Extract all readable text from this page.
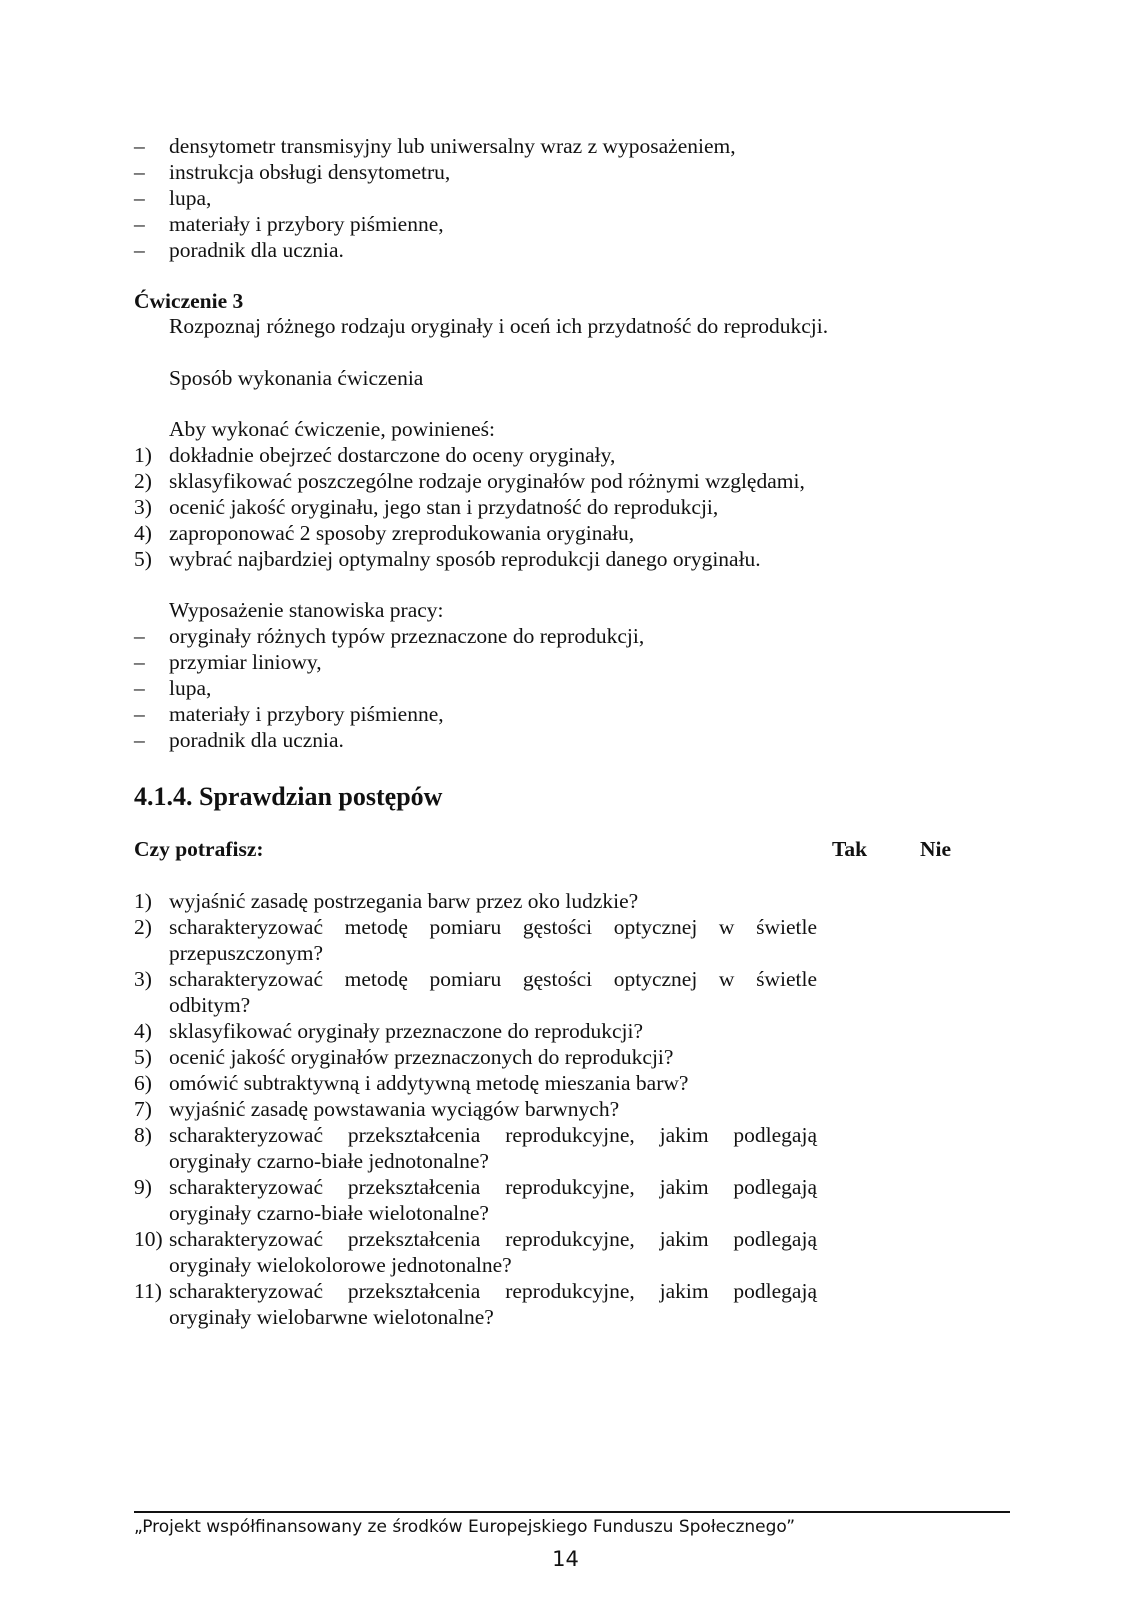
– densytometr transmisyjny lub uniwersalny wraz z wyposażeniem,
– instrukcja obsługi densytometru,
– lupa,
– materiały i przybory piśmienne,
– poradnik dla ucznia.
Ćwiczenie 3
Rozpoznaj różnego rodzaju oryginały i oceń ich przydatność do reprodukcji.
Sposób wykonania ćwiczenia
Aby wykonać ćwiczenie, powinieneś:
1) dokładnie obejrzeć dostarczone do oceny oryginały,
2) sklasyfikować poszczególne rodzaje oryginałów pod różnymi względami,
3) ocenić jakość oryginału, jego stan i przydatność do reprodukcji,
4) zaproponować 2 sposoby zreprodukowania oryginału,
5) wybrać najbardziej optymalny sposób reprodukcji danego oryginału.
Wyposażenie stanowiska pracy:
– oryginały różnych typów przeznaczone do reprodukcji,
– przymiar liniowy,
– lupa,
– materiały i przybory piśmienne,
– poradnik dla ucznia.
4.1.4. Sprawdzian postępów
Czy potrafisz:	Tak Nie
1) wyjaśnić zasadę postrzegania barw przez oko ludzkie?
2) scharakteryzować metodę pomiaru gęstości optycznej w świetle
przepuszczonym?
3) scharakteryzować metodę pomiaru gęstości optycznej w świetle
odbitym?
4) sklasyfikować oryginały przeznaczone do reprodukcji?
5) ocenić jakość oryginałów przeznaczonych do reprodukcji?
6) omówić subtraktywną i addytywną metodę mieszania barw?
7) wyjaśnić zasadę powstawania wyciągów barwnych?
8) scharakteryzować przekształcenia reprodukcyjne, jakim podlegają
oryginały czarno-białe jednotonalne?
9) scharakteryzować przekształcenia reprodukcyjne, jakim podlegają
oryginały czarno-białe wielotonalne?
10) scharakteryzować przekształcenia reprodukcyjne, jakim podlegają
oryginały wielokolorowe jednotonalne?
11) scharakteryzować przekształcenia reprodukcyjne, jakim podlegają
oryginały wielobarwne wielotonalne?
„Projekt współfinansowany ze środków Europejskiego Funduszu Społecznego”
14
